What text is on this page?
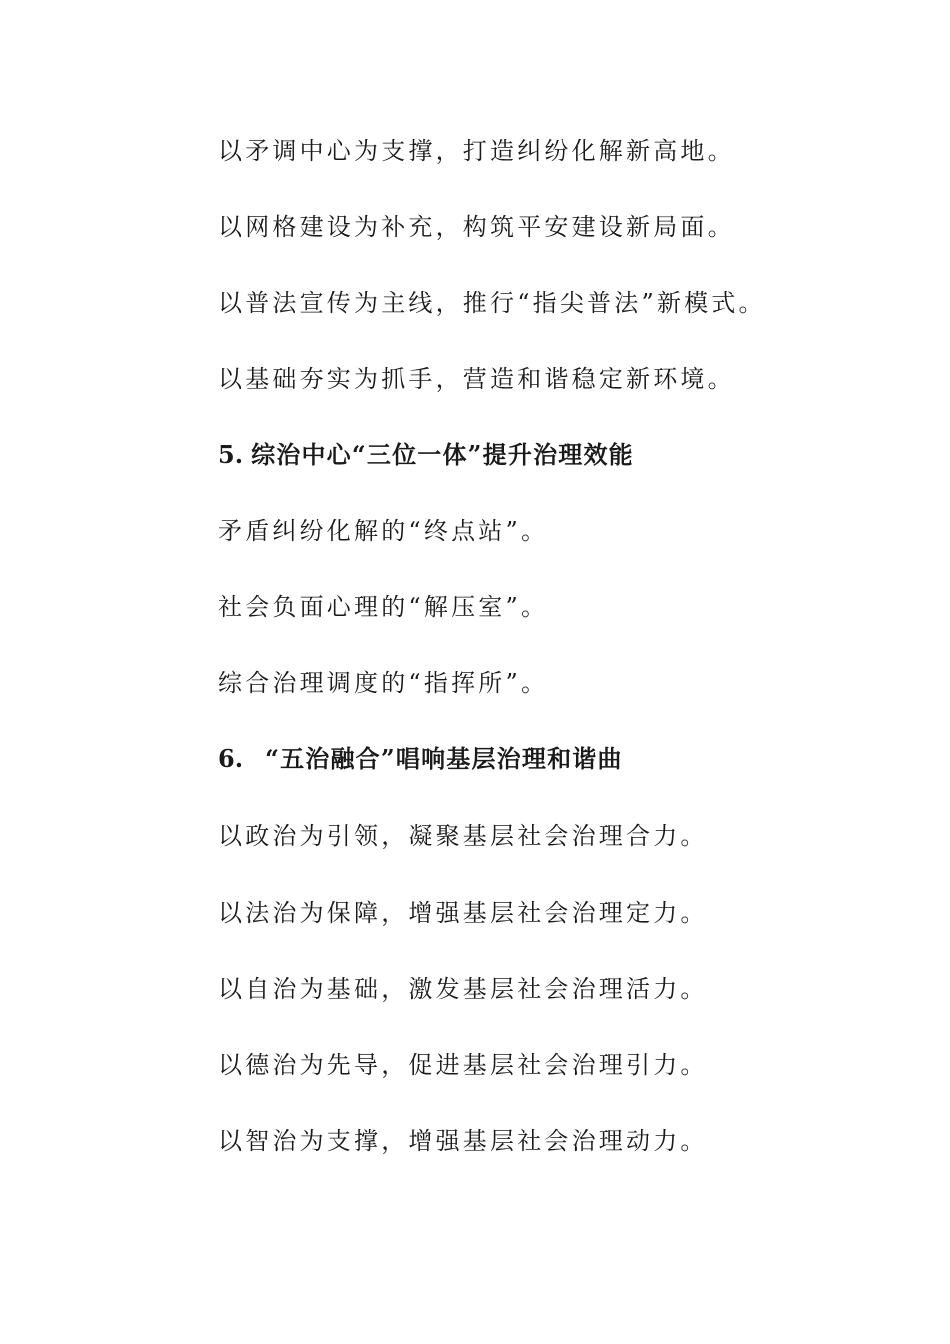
以矛调中心为支撑，打造纠纷化解新高地。
以网格建设为补充，构筑平安建设新局面。
以普法宣传为主线，推行“指尖普法”新模式。
以基础夯实为抓手，营造和谐稳定新环境。
5. 综治中心“三位一体”提升治理效能
矛盾纠纷化解的“终点站”。
社会负面心理的“解压室”。
综合治理调度的“指挥所”。
6. “五治融合”唱响基层治理和谐曲
以政治为引领，凝聚基层社会治理合力。
以法治为保障，增强基层社会治理定力。
以自治为基础，激发基层社会治理活力。
以德治为先导，促进基层社会治理引力。
以智治为支撑，增强基层社会治理动力。
